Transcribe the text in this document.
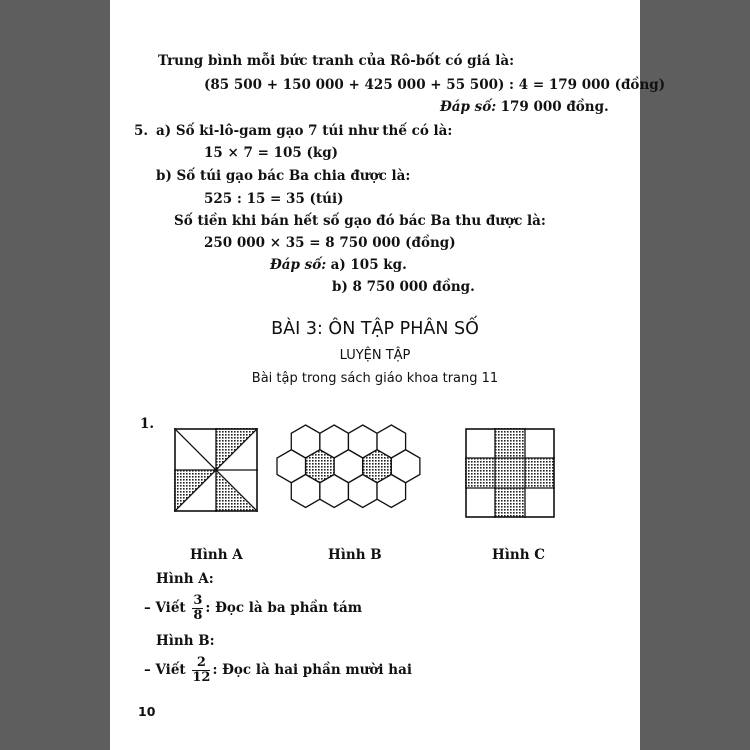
Trung bình mỗi bức tranh của Rô-bốt có giá là:
(85 500 + 150 000 + 425 000 + 55 500) : 4 = 179 000 (đồng)
Đáp số: 179 000 đồng.
5. a) Số ki-lô-gam gạo 7 túi như thế có là:
15 × 7 = 105 (kg)
b) Số túi gạo bác Ba chia được là:
525 : 15 = 35 (túi)
Số tiền khi bán hết số gạo đó bác Ba thu được là:
250 000 × 35 = 8 750 000 (đồng)
Đáp số: a) 105 kg.
b) 8 750 000 đồng.
BÀI 3: ÔN TẬP PHÂN SỐ
LUYỆN TẬP
Bài tập trong sách giáo khoa trang 11
1.
Hình A	Hình B	Hình C
Hình A:
– Viết $\frac{3}{8}$ : Đọc là ba phần tám
Hình B:
– Viết $\frac{2}{12}$ : Đọc là hai phần mười hai
10
